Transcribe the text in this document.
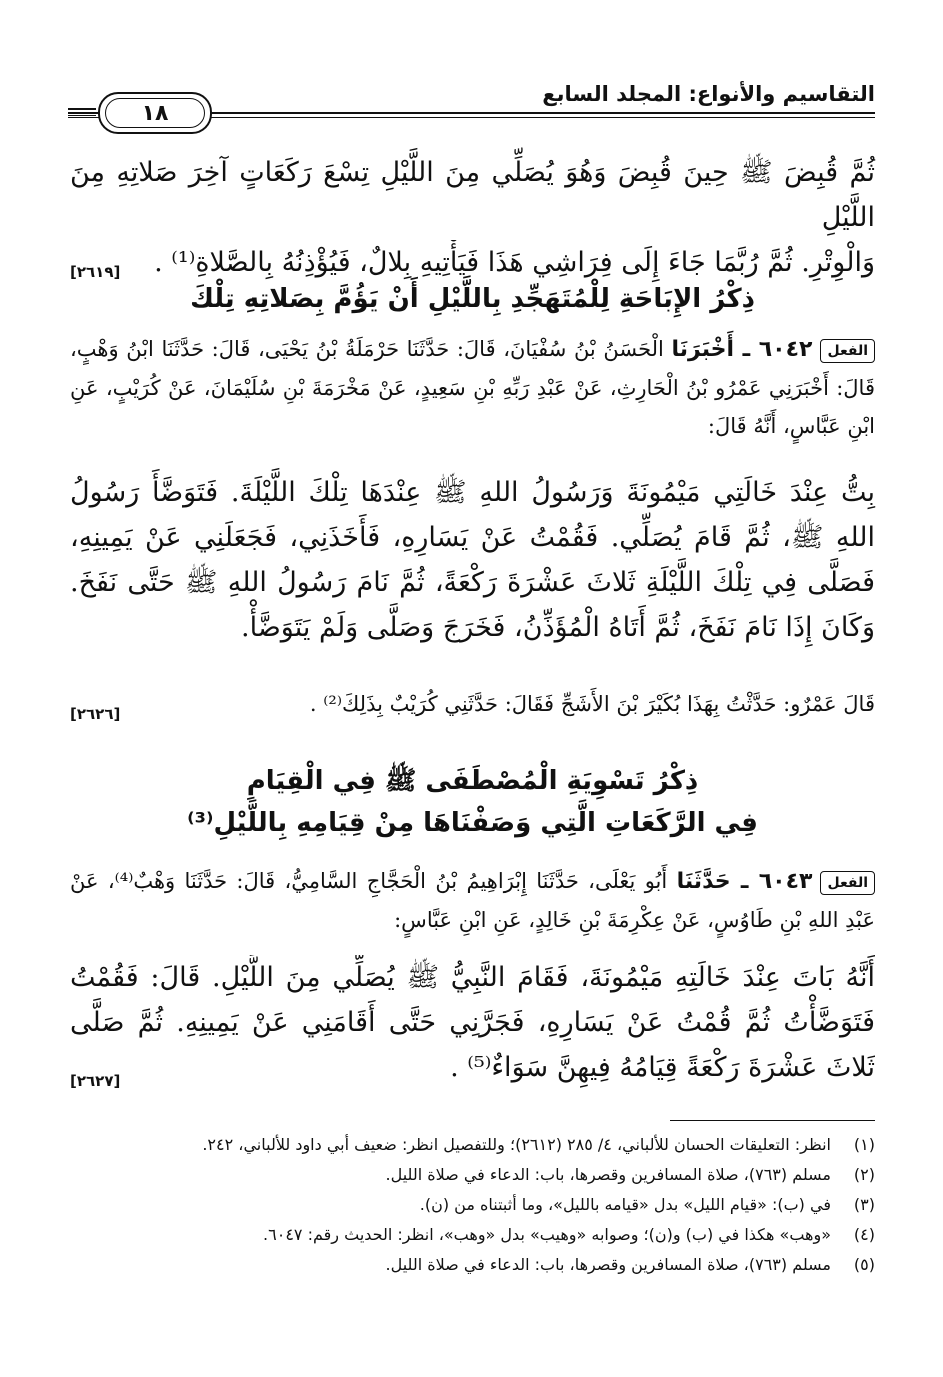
١٨
التقاسيم والأنواع: المجلد السابع
ثُمَّ قُبِضَ ﷺ حِينَ قُبِضَ وَهُوَ يُصَلِّي مِنَ اللَّيْلِ تِسْعَ رَكَعَاتٍ آخِرَ صَلاتِهِ مِنَ اللَّيْلِ
[٢٦١٩] وَالْوِتْرِ. ثُمَّ رُبَّمَا جَاءَ إِلَى فِرَاشِي هَذَا فَيَأْتِيهِ بِلالٌ، فَيُؤْذِنُهُ بِالصَّلاةِ⁽¹⁾ .
ذِكْرُ الإِبَاحَةِ لِلْمُتَهَجِّدِ بِاللَّيْلِ أَنْ يَؤُمَّ بِصَلاتِهِ تِلْكَ
الفعل٦٠٤٢ ـ أَخْبَرَنَا الْحَسَنُ بْنُ سُفْيَانَ، قَالَ: حَدَّثَنَا حَرْمَلَةُ بْنُ يَحْيَى، قَالَ: حَدَّثَنَا ابْنُ وَهْبٍ، قَالَ: أَخْبَرَنِي عَمْرُو بْنُ الْحَارِثِ، عَنْ عَبْدِ رَبِّهِ بْنِ سَعِيدٍ، عَنْ مَخْرَمَةَ بْنِ سُلَيْمَانَ، عَنْ كُرَيْبٍ، عَنِ ابْنِ عَبَّاسٍ، أَنَّهُ قَالَ:
بِتُّ عِنْدَ خَالَتِي مَيْمُونَةَ وَرَسُولُ اللهِ ﷺ عِنْدَهَا تِلْكَ اللَّيْلَةَ. فَتَوَضَّأَ رَسُولُ اللهِ ﷺ، ثُمَّ قَامَ يُصَلِّي. فَقُمْتُ عَنْ يَسَارِهِ، فَأَخَذَنِي، فَجَعَلَنِي عَنْ يَمِينِهِ، فَصَلَّى فِي تِلْكَ اللَّيْلَةِ ثَلاثَ عَشْرَةَ رَكْعَةً، ثُمَّ نَامَ رَسُولُ اللهِ ﷺ حَتَّى نَفَخَ. وَكَانَ إِذَا نَامَ نَفَخَ، ثُمَّ أَتَاهُ الْمُؤَذِّنُ، فَخَرَجَ وَصَلَّى وَلَمْ يَتَوَضَّأْ.
[٢٦٢٦]	قَالَ عَمْرٌو: حَدَّثْتُ بِهَذَا بُكَيْرَ بْنَ الأَشَجِّ فَقَالَ: حَدَّثَنِي كُرَيْبٌ بِذَلِكَ⁽²⁾ .
ذِكْرُ تَسْوِيَةِ الْمُصْطَفَى ﷺ فِي الْقِيَامِ
فِي الرَّكَعَاتِ الَّتِي وَصَفْنَاهَا مِنْ قِيَامِهِ بِاللَّيْلِ⁽³⁾
الفعل٦٠٤٣ ـ حَدَّثَنَا أَبُو يَعْلَى، حَدَّثَنَا إِبْرَاهِيمُ بْنُ الْحَجَّاجِ السَّامِيُّ، قَالَ: حَدَّثَنَا وَهْبٌ⁽⁴⁾، عَنْ عَبْدِ اللهِ بْنِ طَاوُسٍ، عَنْ عِكْرِمَةَ بْنِ خَالِدٍ، عَنِ ابْنِ عَبَّاسٍ:
أَنَّهُ بَاتَ عِنْدَ خَالَتِهِ مَيْمُونَةَ، فَقَامَ النَّبِيُّ ﷺ يُصَلِّي مِنَ اللَّيْلِ. قَالَ: فَقُمْتُ فَتَوَضَّأْتُ ثُمَّ قُمْتُ عَنْ يَسَارِهِ، فَجَرَّنِي حَتَّى أَقَامَنِي عَنْ يَمِينِهِ. ثُمَّ صَلَّى ثَلاثَ عَشْرَةَ رَكْعَةً قِيَامُهُ فِيهِنَّ سَوَاءٌ⁽⁵⁾ .
[٢٦٢٧]
(١)
انظر: التعليقات الحسان للألباني، ٤/ ٢٨٥ (٢٦١٢)؛ وللتفصيل انظر: ضعيف أبي داود للألباني، ٢٤٢.
(٢)
مسلم (٧٦٣)، صلاة المسافرين وقصرها، باب: الدعاء في صلاة الليل.
(٣)
في (ب): «قيام الليل» بدل «قيامه بالليل»، وما أثبتناه من (ن).
(٤)
«وهب» هكذا في (ب) و(ن)؛ وصوابه «وهيب» بدل «وهب»، انظر: الحديث رقم: ٦٠٤٧.
(٥)
مسلم (٧٦٣)، صلاة المسافرين وقصرها، باب: الدعاء في صلاة الليل.
